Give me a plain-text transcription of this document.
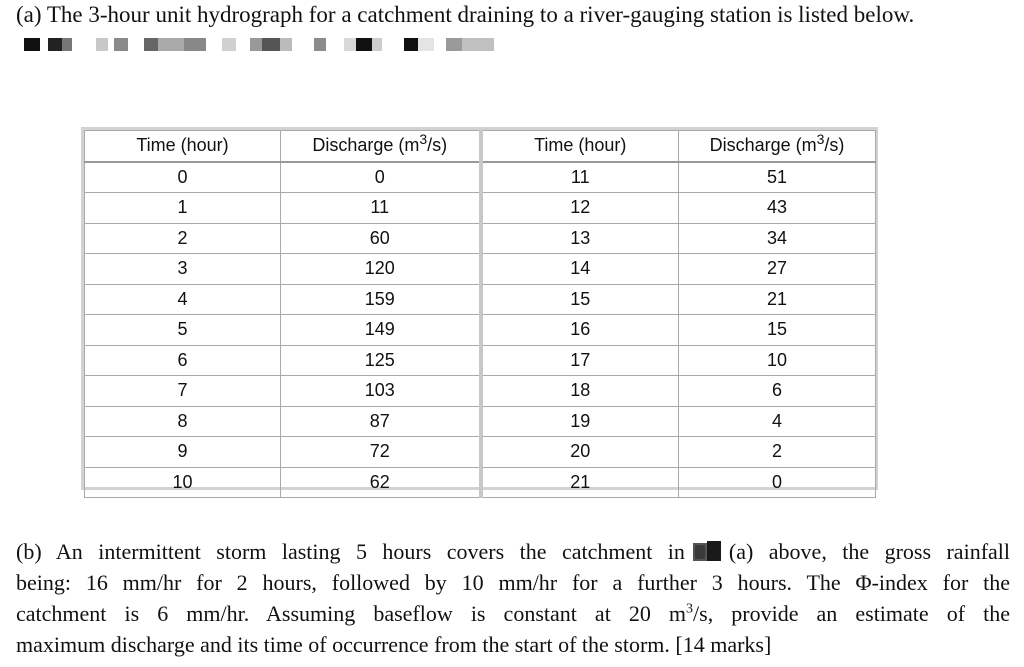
(a) The 3-hour unit hydrograph for a catchment draining to a river-gauging station is listed below.
Time (hour)	Discharge $(m^3/s)$	Time (hour)	Discharge $(m^3/s)$
0	0	11	51
1	11	12	43
2	60	13	34
3	120	14	27
4	159	15	21
5	149	16	15
6	125	17	10
7	103	18	6
8	87	19	4
9	72	20	2
10	62	21	0
(b) An intermittent storm lasting 5 hours covers the catchment in (a) above, the gross rainfall
being: 16 mm/hr for 2 hours, followed by 10 mm/hr for a further 3 hours. The Φ-index for the
catchment is 6 mm/hr. Assuming baseflow is constant at 20 $m^3/s$, provide an estimate of the
maximum discharge and its time of occurrence from the start of the storm. [14 marks]
